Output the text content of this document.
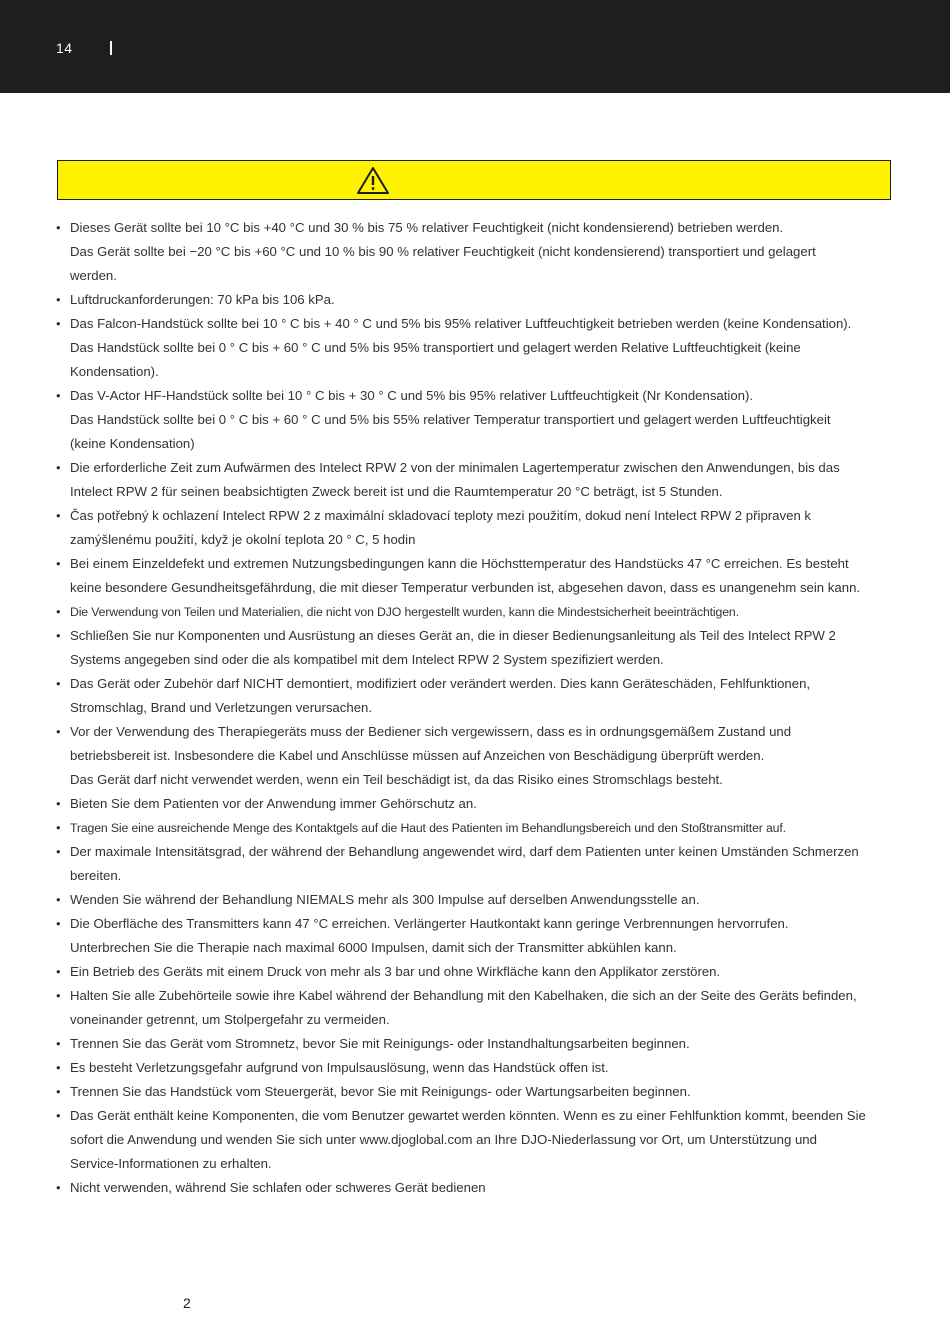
14
• Dieses Gerät sollte bei 10 °C bis +40 °C und 30 % bis 75 % relativer Feuchtigkeit (nicht kondensierend) betrieben werden.
Das Gerät sollte bei −20 °C bis +60 °C und 10 % bis 90 % relativer Feuchtigkeit (nicht kondensierend) transportiert und gelagert werden.
• Luftdruckanforderungen: 70 kPa bis 106 kPa.
• Das Falcon-Handstück sollte bei 10 ° C bis + 40 ° C und 5% bis 95% relativer Luftfeuchtigkeit betrieben werden (keine Kondensation). Das Handstück sollte bei 0 ° C bis + 60 ° C und 5% bis 95% transportiert und gelagert werden Relative Luftfeuchtigkeit (keine Kondensation).
• Das V-Actor HF-Handstück sollte bei 10 ° C bis + 30 ° C und 5% bis 95% relativer Luftfeuchtigkeit (Nr Kondensation).
Das Handstück sollte bei 0 ° C bis + 60 ° C und 5% bis 55% relativer Temperatur transportiert und gelagert werden Luftfeuchtigkeit (keine Kondensation)
• Die erforderliche Zeit zum Aufwärmen des Intelect RPW 2 von der minimalen Lagertemperatur zwischen den Anwendungen, bis das Intelect RPW 2 für seinen beabsichtigten Zweck bereit ist und die Raumtemperatur 20 °C beträgt, ist 5 Stunden.
• Čas potřebný k ochlazení Intelect RPW 2 z maximální skladovací teploty mezi použitím, dokud není Intelect RPW 2 připraven k zamýšlenému použití, když je okolní teplota 20 ° C, 5 hodin
• Bei einem Einzeldefekt und extremen Nutzungsbedingungen kann die Höchsttemperatur des Handstücks 47 °C erreichen. Es besteht keine besondere Gesundheitsgefährdung, die mit dieser Temperatur verbunden ist, abgesehen davon, dass es unangenehm sein kann.
• Die Verwendung von Teilen und Materialien, die nicht von DJO hergestellt wurden, kann die Mindestsicherheit beeinträchtigen.
• Schließen Sie nur Komponenten und Ausrüstung an dieses Gerät an, die in dieser Bedienungsanleitung als Teil des Intelect RPW 2 Systems angegeben sind oder die als kompatibel mit dem Intelect RPW 2 System spezifiziert werden.
• Das Gerät oder Zubehör darf NICHT demontiert, modifiziert oder verändert werden. Dies kann Geräteschäden, Fehlfunktionen, Stromschlag, Brand und Verletzungen verursachen.
• Vor der Verwendung des Therapiegeräts muss der Bediener sich vergewissern, dass es in ordnungsgemäßem Zustand und betriebsbereit ist. Insbesondere die Kabel und Anschlüsse müssen auf Anzeichen von Beschädigung überprüft werden.
Das Gerät darf nicht verwendet werden, wenn ein Teil beschädigt ist, da das Risiko eines Stromschlags besteht.
• Bieten Sie dem Patienten vor der Anwendung immer Gehörschutz an.
• Tragen Sie eine ausreichende Menge des Kontaktgels auf die Haut des Patienten im Behandlungsbereich und den Stoßtransmitter auf.
• Der maximale Intensitätsgrad, der während der Behandlung angewendet wird, darf dem Patienten unter keinen Umständen Schmerzen bereiten.
• Wenden Sie während der Behandlung NIEMALS mehr als 300 Impulse auf derselben Anwendungsstelle an.
• Die Oberfläche des Transmitters kann 47 °C erreichen. Verlängerter Hautkontakt kann geringe Verbrennungen hervorrufen. Unterbrechen Sie die Therapie nach maximal 6000 Impulsen, damit sich der Transmitter abkühlen kann.
• Ein Betrieb des Geräts mit einem Druck von mehr als 3 bar und ohne Wirkfläche kann den Applikator zerstören.
• Halten Sie alle Zubehörteile sowie ihre Kabel während der Behandlung mit den Kabelhaken, die sich an der Seite des Geräts befinden, voneinander getrennt, um Stolpergefahr zu vermeiden.
• Trennen Sie das Gerät vom Stromnetz, bevor Sie mit Reinigungs- oder Instandhaltungsarbeiten beginnen.
• Es besteht Verletzungsgefahr aufgrund von Impulsauslösung, wenn das Handstück offen ist.
• Trennen Sie das Handstück vom Steuergerät, bevor Sie mit Reinigungs- oder Wartungsarbeiten beginnen.
• Das Gerät enthält keine Komponenten, die vom Benutzer gewartet werden könnten. Wenn es zu einer Fehlfunktion kommt, beenden Sie sofort die Anwendung und wenden Sie sich unter www.djoglobal.com an Ihre DJO-Niederlassung vor Ort, um Unterstützung und Service-Informationen zu erhalten.
• Nicht verwenden, während Sie schlafen oder schweres Gerät bedienen
2
